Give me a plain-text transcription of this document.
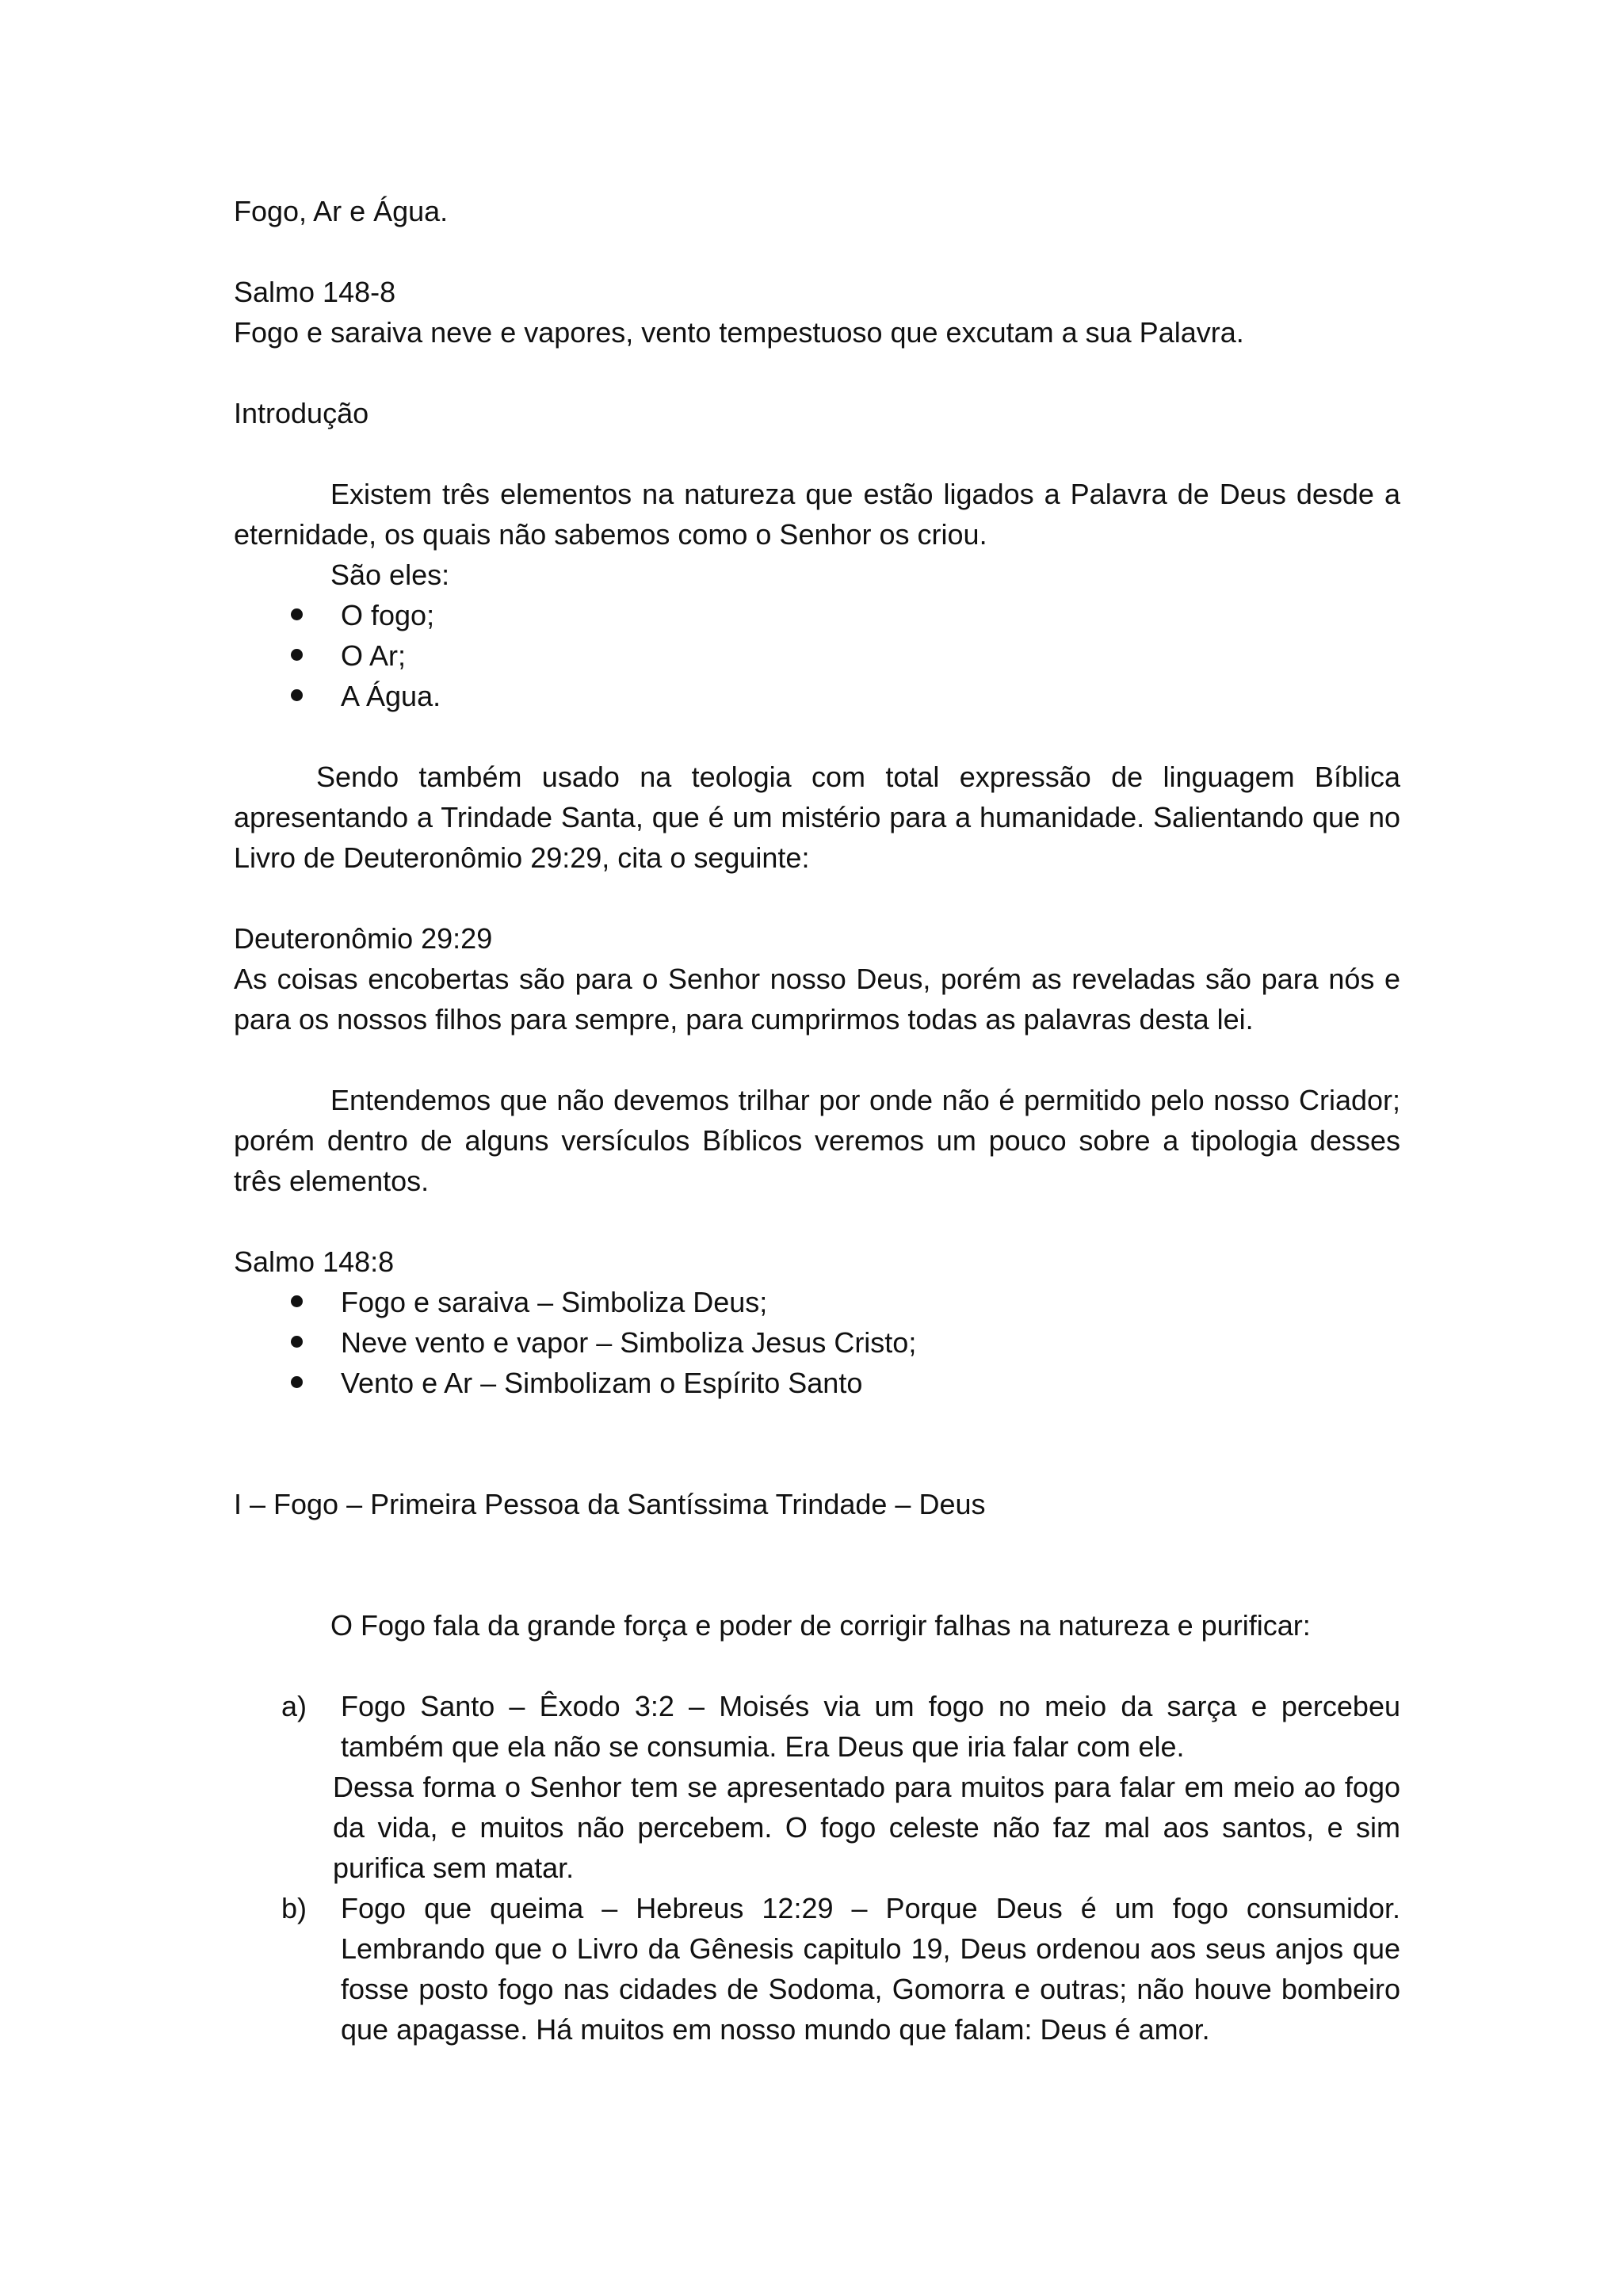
Fogo, Ar e Água.

Salmo 148-8

Fogo e saraiva neve e vapores, vento tempestuoso que excutam a sua Palavra.

Introdução

Existem três elementos na natureza que estão ligados a Palavra de Deus desde a eternidade, os quais não sabemos como o Senhor os criou.

São eles:

O fogo;
O Ar;
A Água.

Sendo também usado na teologia com total expressão de linguagem Bíblica apresentando a Trindade Santa, que é um mistério para a humanidade. Salientando que no Livro de Deuteronômio 29:29, cita o seguinte:

Deuteronômio 29:29

As coisas encobertas são para o Senhor nosso Deus, porém as reveladas são para nós e para os nossos filhos para sempre, para cumprirmos todas as palavras desta lei.

Entendemos que não devemos trilhar por onde não é permitido pelo nosso Criador; porém dentro de alguns versículos Bíblicos veremos um pouco sobre a tipologia desses três elementos.

Salmo 148:8

Fogo e saraiva – Simboliza Deus;
Neve vento e vapor – Simboliza Jesus Cristo;
Vento e Ar – Simbolizam o Espírito Santo

I – Fogo – Primeira Pessoa da Santíssima Trindade – Deus

O Fogo fala da grande força e poder de corrigir falhas na natureza e purificar:

a) Fogo Santo – Êxodo 3:2 – Moisés via um fogo no meio da sarça e percebeu também que ela não se consumia. Era Deus que iria falar com ele.

Dessa forma o Senhor tem se apresentado para muitos para falar em meio ao fogo da vida, e muitos não percebem. O fogo celeste não faz mal aos santos, e sim purifica sem matar.

b) Fogo que queima – Hebreus 12:29 – Porque Deus é um fogo consumidor. Lembrando que o Livro da Gênesis capitulo 19, Deus ordenou aos seus anjos que fosse posto fogo nas cidades de Sodoma, Gomorra e outras; não houve bombeiro que apagasse. Há muitos em nosso mundo que falam: Deus é amor.
